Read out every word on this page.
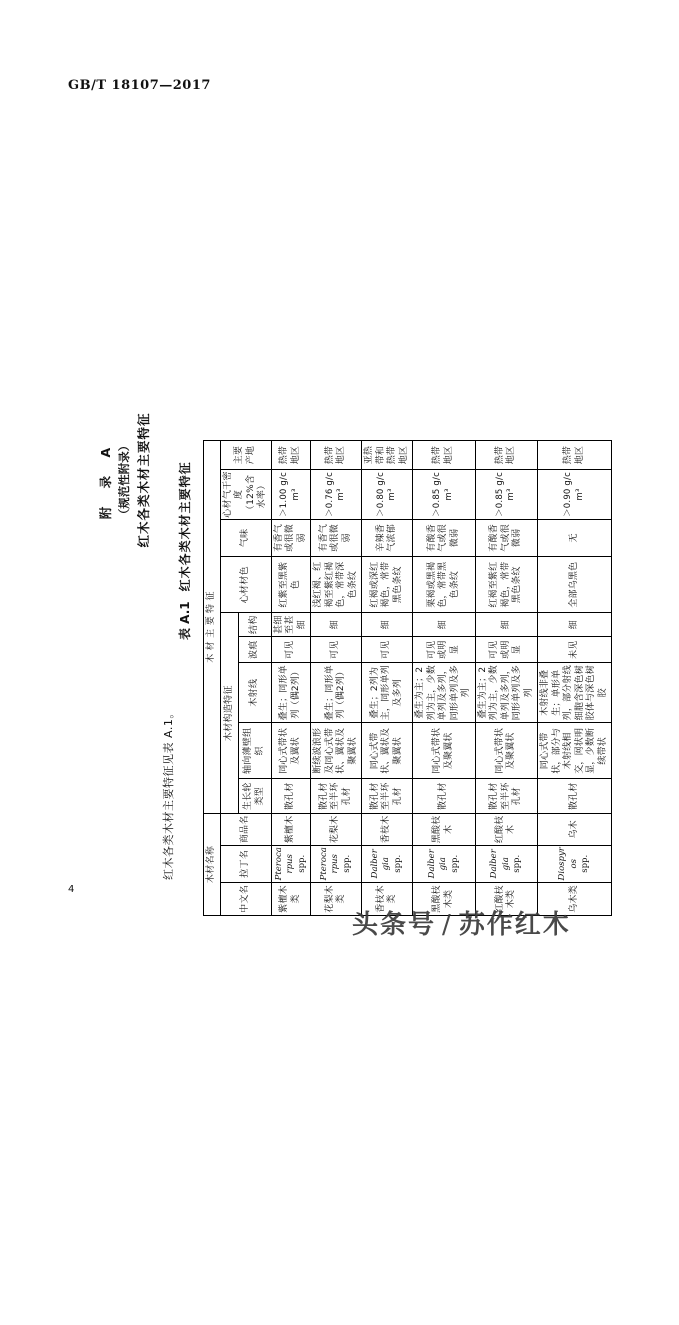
GB/T 18107—2017
4
附 录 A （规范性附录） 红木各类木材主要特征
红木各类木材主要特征见表 A.1。
表 A.1红木各类木材主要特征
木材名称			木 材 主 要 特 征								
中文名	拉丁名	商品名	木材构造特征					心材材色	气味	心材气干密度 （12%含水率）	主要 产地
			生长轮类型	轴向薄壁组织	木射线	波痕	结构				
紫檀木类	Pterocarpus spp.	紫檀木	散孔材	同心式带状及翼状	叠生；同形单列（偶2列）	可见	甚细至甚细	红紫至黑紫色	有香气或很微弱	＞1.00 g/cm³	热带地区
花梨木类	Pterocarpus spp.	花梨木	散孔材至半环孔材	断续波浪形及同心式带状、翼状及聚翼状	叠生；同形单列（偶2列）	可见	细	浅红褐、红褐至紫红褐色，常带深色条纹	有香气或很微弱	＞0.76 g/cm³	热带地区
香枝木类	Dalbergia spp.	香枝木	散孔材至半环孔材	同心式带状、翼状及聚翼状	叠生；2列为主，同形单列及多列	可见	细	红褐或深红褐色，常带黑色条纹	辛辣香气浓郁	＞0.80 g/cm³	亚热带和热带地区
黑酸枝木类	Dalbergia spp.	黑酸枝木	散孔材	同心式带状及聚翼状	叠生为主；2列为主，少数单列及多列，同形单列及多列	可见或明显	细	栗褐或黑褐色，常带黑色条纹	有酸香气或很微弱	＞0.85 g/cm³	热带地区
红酸枝木类	Dalbergia spp.	红酸枝木	散孔材至半环孔材	同心式带状及聚翼状	叠生为主；2列为主，少数单列及多列，同形单列及多列	可见或明显	细	红褐至紫红褐色，常带黑色条纹	有酸香气或很微弱	＞0.85 g/cm³	热带地区
乌木类	Diospyros spp.	乌木	散孔材	同心式带状，部分与木射线相交，网状明显，少数断续带状	木射线非叠生；单形单列，部分射线细胞含深色树胶体与深色树胶	未见	细	全部乌黑色	无	＞0.90 g/cm³	热带地区
头条号 / 苏作红木
